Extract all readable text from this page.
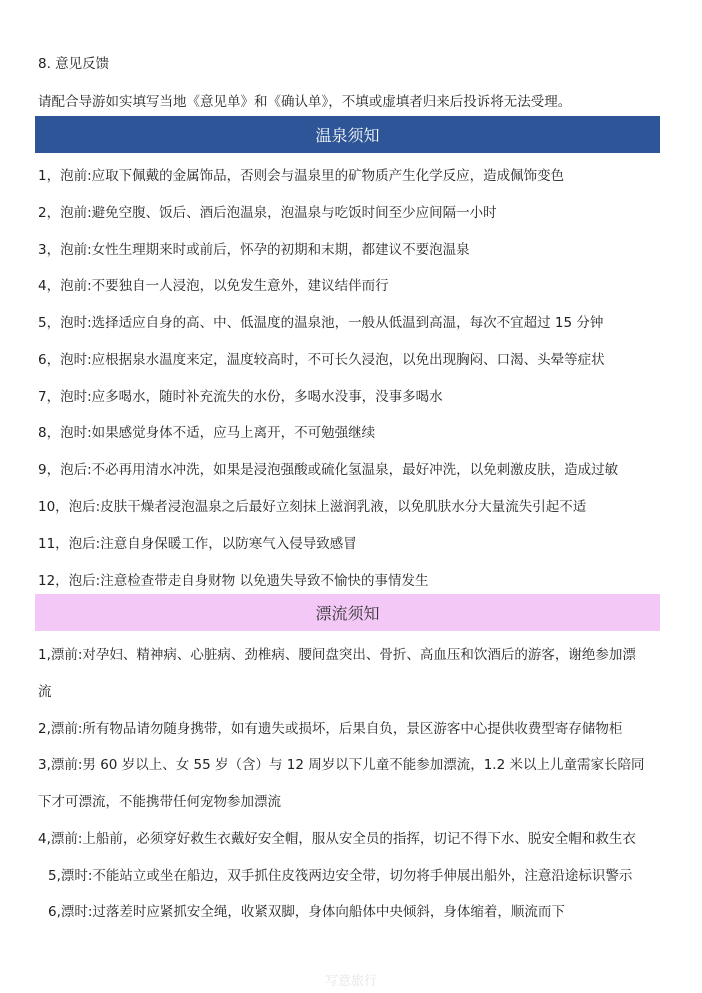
8. 意见反馈
请配合导游如实填写当地《意见单》和《确认单》，不填或虚填者归来后投诉将无法受理。
温泉须知
1，泡前:应取下佩戴的金属饰品，否则会与温泉里的矿物质产生化学反应，造成佩饰变色
2，泡前:避免空腹、饭后、酒后泡温泉，泡温泉与吃饭时间至少应间隔一小时
3，泡前:女性生理期来时或前后，怀孕的初期和末期，都建议不要泡温泉
4，泡前:不要独自一人浸泡，以免发生意外，建议结伴而行
5，泡时:选择适应自身的高、中、低温度的温泉池，一般从低温到高温，每次不宜超过 15 分钟
6，泡时:应根据泉水温度来定，温度较高时，不可长久浸泡，以免出现胸闷、口渴、头晕等症状
7，泡时:应多喝水，随时补充流失的水份，多喝水没事，没事多喝水
8，泡时:如果感觉身体不适，应马上离开，不可勉强继续
9，泡后:不必再用清水冲洗，如果是浸泡强酸或硫化氢温泉，最好冲洗，以免刺激皮肤，造成过敏
10，泡后:皮肤干燥者浸泡温泉之后最好立刻抹上滋润乳液，以免肌肤水分大量流失引起不适
11，泡后:注意自身保暖工作，以防寒气入侵导致感冒
12，泡后:注意检查带走自身财物 以免遗失导致不愉快的事情发生
漂流须知
1,漂前:对孕妇、精神病、心脏病、劲椎病、腰间盘突出、骨折、高血压和饮酒后的游客，谢绝参加漂
流
2,漂前:所有物品请勿随身携带，如有遗失或损坏，后果自负，景区游客中心提供收费型寄存储物柜
3,漂前:男 60 岁以上、女 55 岁（含）与 12 周岁以下儿童不能参加漂流，1.2 米以上儿童需家长陪同
下才可漂流，不能携带任何宠物参加漂流
4,漂前:上船前，必须穿好救生衣戴好安全帽，服从安全员的指挥，切记不得下水、脱安全帽和救生衣
5,漂时:不能站立或坐在船边，双手抓住皮筏两边安全带，切勿将手伸展出船外，注意沿途标识警示
6,漂时:过落差时应紧抓安全绳，收紧双脚，身体向船体中央倾斜，身体缩着，顺流而下
写意旅行
